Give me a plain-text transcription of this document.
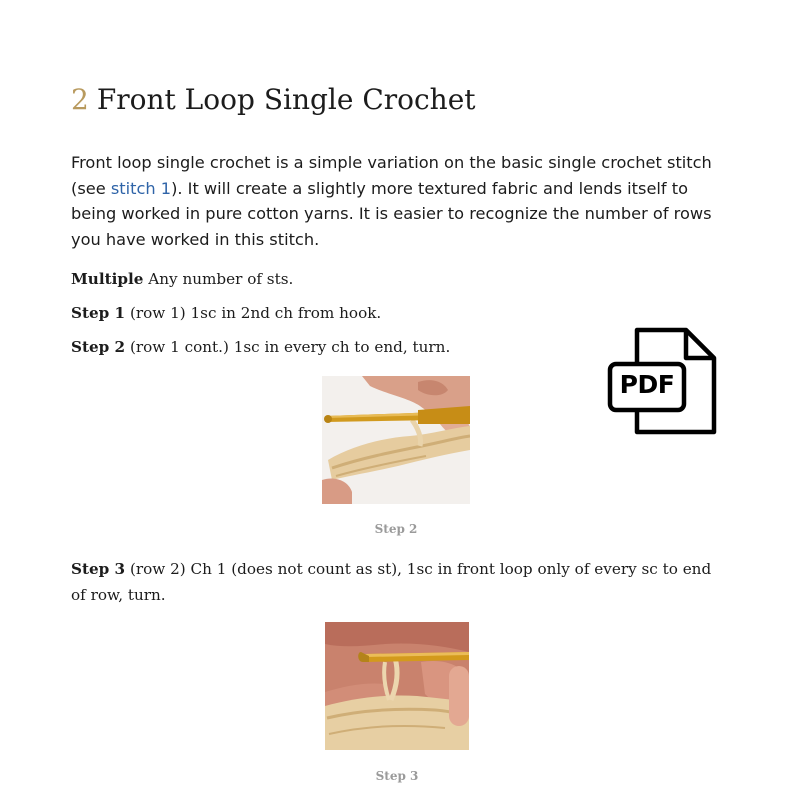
2 Front Loop Single Crochet

Front loop single crochet is a simple variation on the basic single crochet stitch (see stitch 1). It will create a slightly more textured fabric and lends itself to being worked in pure cotton yarns. It is easier to recognize the number of rows you have worked in this stitch.

Multiple Any number of sts.

Step 1 (row 1) 1sc in 2nd ch from hook.

Step 2 (row 1 cont.) 1sc in every ch to end, turn.

Step 2

PDF

Step 3 (row 2) Ch 1 (does not count as st), 1sc in front loop only of every sc to end of row, turn.

Step 3
